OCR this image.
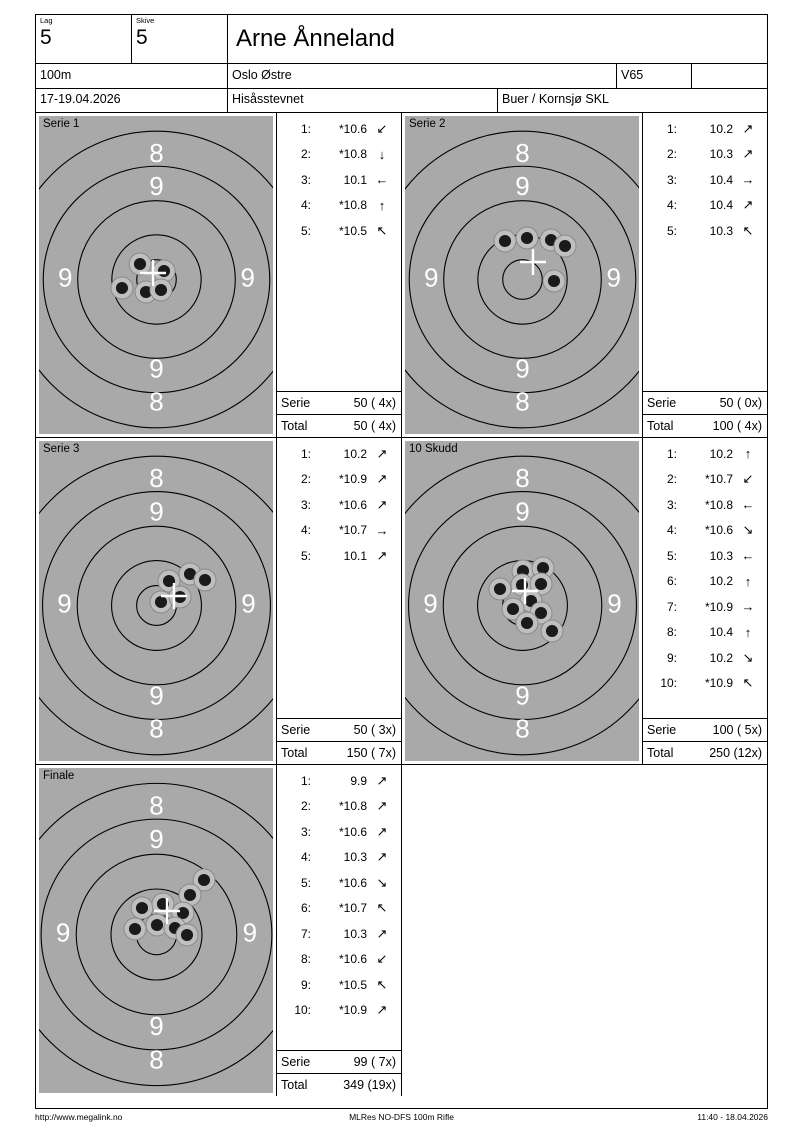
Lag
5
Skive
5	Arne Ånneland
100m	Oslo Østre	V65
17-19.04.2026	Hisåsstevnet	Buer / Kornsjø SKL
8
9
9	9
9
8
Serie 1	1:	*10.6 ↙
2:	*10.8 ↓
3:	10.1 ←
4:	*10.8 ↑
5:	*10.5 ↖
Serie	50 ( 4x)
Total	50 ( 4x)
8
9
9	9
9
8
Serie 2	1:	10.2 ↗
2:	10.3 ↗
3:	10.4 →
4:	10.4 ↗
5:	10.3 ↖
Serie	50 ( 0x)
Total	100 ( 4x)
8
9
9	9
9
8
Serie 3	1:	10.2 ↗
2:	*10.9 ↗
3:	*10.6 ↗
4:	*10.7 →
5:	10.1 ↗
Serie	50 ( 3x)
Total	150 ( 7x)
8
9
9	9
9
8
10 Skudd	1:	10.2 ↑
2:	*10.7 ↙
3:	*10.8 ←
4:	*10.6 ↘
5:	10.3 ←
6:	10.2 ↑
7:	*10.9 →
8:	10.4 ↑
9:	10.2 ↘
10:	*10.9 ↖
Serie	100 ( 5x)
Total	250 (12x)
8
9
9	9
9
8
Finale	1:	9.9 ↗
2:	*10.8 ↗
3:	*10.6 ↗
4:	10.3 ↗
5:	*10.6 ↘
6:	*10.7 ↖
7:	10.3 ↗
8:	*10.6 ↙
9:	*10.5 ↖
10:	*10.9 ↗
Serie	99 ( 7x)
Total	349 (19x)
http://www.megalink.no	MLRes NO-DFS 100m Rifle	11:40 - 18.04.2026
